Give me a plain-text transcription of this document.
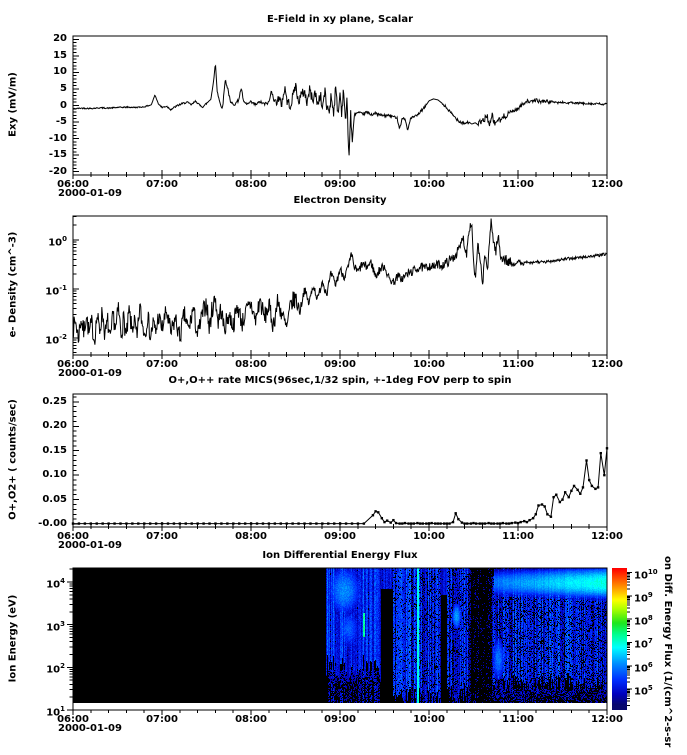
E-Field in xy plane, Scalar
Electron Density
O+,O++ rate MICS(96sec,1/32 spin, +-1deg FOV perp to spin
Ion Differential Energy Flux
Exy (mV/m)
e- Density (cm^-3)
O+,O2+ ( counts/sec)
Ion Energy (eV)
2000-01-09
2000-01-09
2000-01-09
2000-01-09	on Diff. Energy Flux (1/(cm^2-s-sr
20
15
10
5
0
-5
-10
-15
-20
06:00	07:00	08:00	09:00	10:00	11:00	12:00
$10^0$
$10^{-1}$
$10^{-2}$
06:00	07:00	08:00	09:00	10:00	11:00	12:00
0.25
0.20
0.15
0.10
0.05
-0.00
06:00	07:00	08:00	09:00	10:00	11:00	12:00
$10^4$
$10^3$
$10^2$
$10^1$
06:00	07:00	08:00	09:00	10:00	11:00	12:00
$10^{10}$
$10^9$
$10^8$
$10^7$
$10^6$
$10^5$
